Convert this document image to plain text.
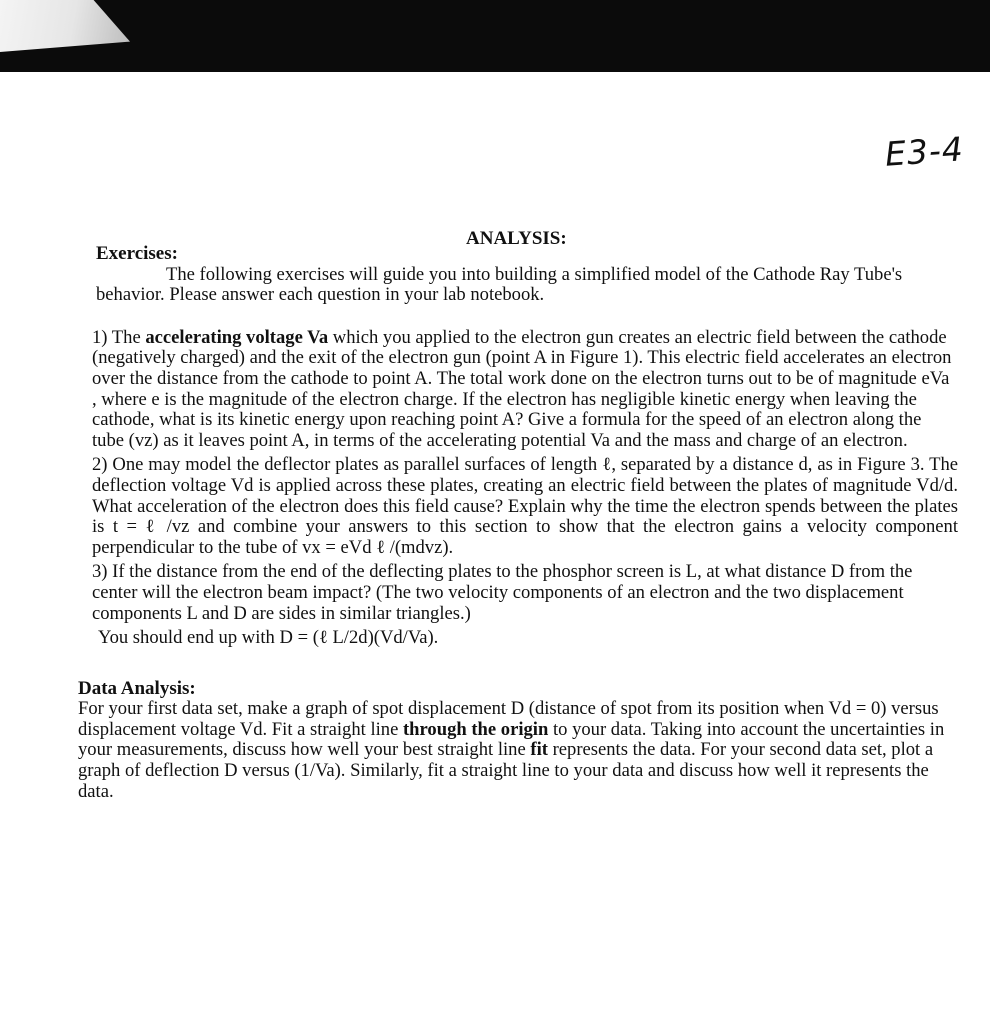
E3-4
ANALYSIS:
Exercises:

The following exercises will guide you into building a simplified model of the Cathode Ray Tube's behavior. Please answer each question in your lab notebook.

1) The accelerating voltage Va which you applied to the electron gun creates an electric field between the cathode (negatively charged) and the exit of the electron gun (point A in Figure 1). This electric field accelerates an electron over the distance from the cathode to point A. The total work done on the electron turns out to be of magnitude eVa , where e is the magnitude of the electron charge. If the electron has negligible kinetic energy when leaving the cathode, what is its kinetic energy upon reaching point A? Give a formula for the speed of an electron along the tube (vz) as it leaves point A, in terms of the accelerating potential Va and the mass and charge of an electron.

2) One may model the deflector plates as parallel surfaces of length ℓ, separated by a distance d, as in Figure 3. The deflection voltage Vd is applied across these plates, creating an electric field between the plates of magnitude Vd/d. What acceleration of the electron does this field cause? Explain why the time the electron spends between the plates is t = ℓ /vz and combine your answers to this section to show that the electron gains a velocity component perpendicular to the tube of vx = eVd ℓ /(mdvz).

3) If the distance from the end of the deflecting plates to the phosphor screen is L, at what distance D from the center will the electron beam impact? (The two velocity components of an electron and the two displacement components L and D are sides in similar triangles.)

You should end up with D = (ℓ L/2d)(Vd/Va).

Data Analysis:

For your first data set, make a graph of spot displacement D (distance of spot from its position when Vd = 0) versus displacement voltage Vd. Fit a straight line through the origin to your data. Taking into account the uncertainties in your measurements, discuss how well your best straight line fit represents the data. For your second data set, plot a graph of deflection D versus (1/Va). Similarly, fit a straight line to your data and discuss how well it represents the data.
